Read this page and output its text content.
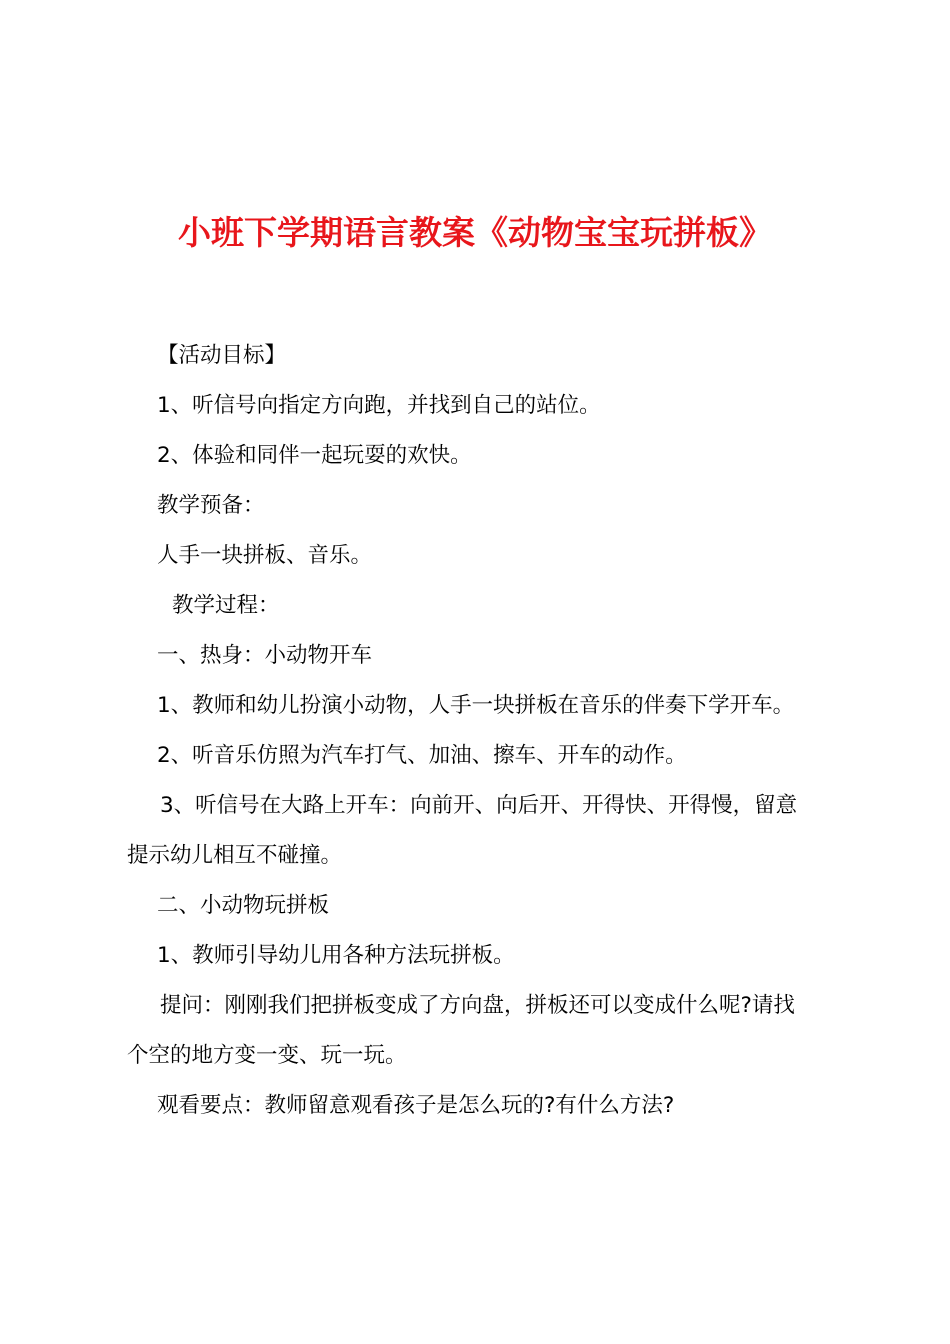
小班下学期语言教案《动物宝宝玩拼板》
【活动目标】
1、听信号向指定方向跑，并找到自己的站位。
2、体验和同伴一起玩耍的欢快。
教学预备：
人手一块拼板、音乐。
教学过程：
一、热身：小动物开车
1、教师和幼儿扮演小动物，人手一块拼板在音乐的伴奏下学开车。
2、听音乐仿照为汽车打气、加油、擦车、开车的动作。
3、听信号在大路上开车：向前开、向后开、开得快、开得慢，留意
提示幼儿相互不碰撞。
二、小动物玩拼板
1、教师引导幼儿用各种方法玩拼板。
提问：刚刚我们把拼板变成了方向盘，拼板还可以变成什么呢?请找
个空的地方变一变、玩一玩。
观看要点：教师留意观看孩子是怎么玩的?有什么方法?
